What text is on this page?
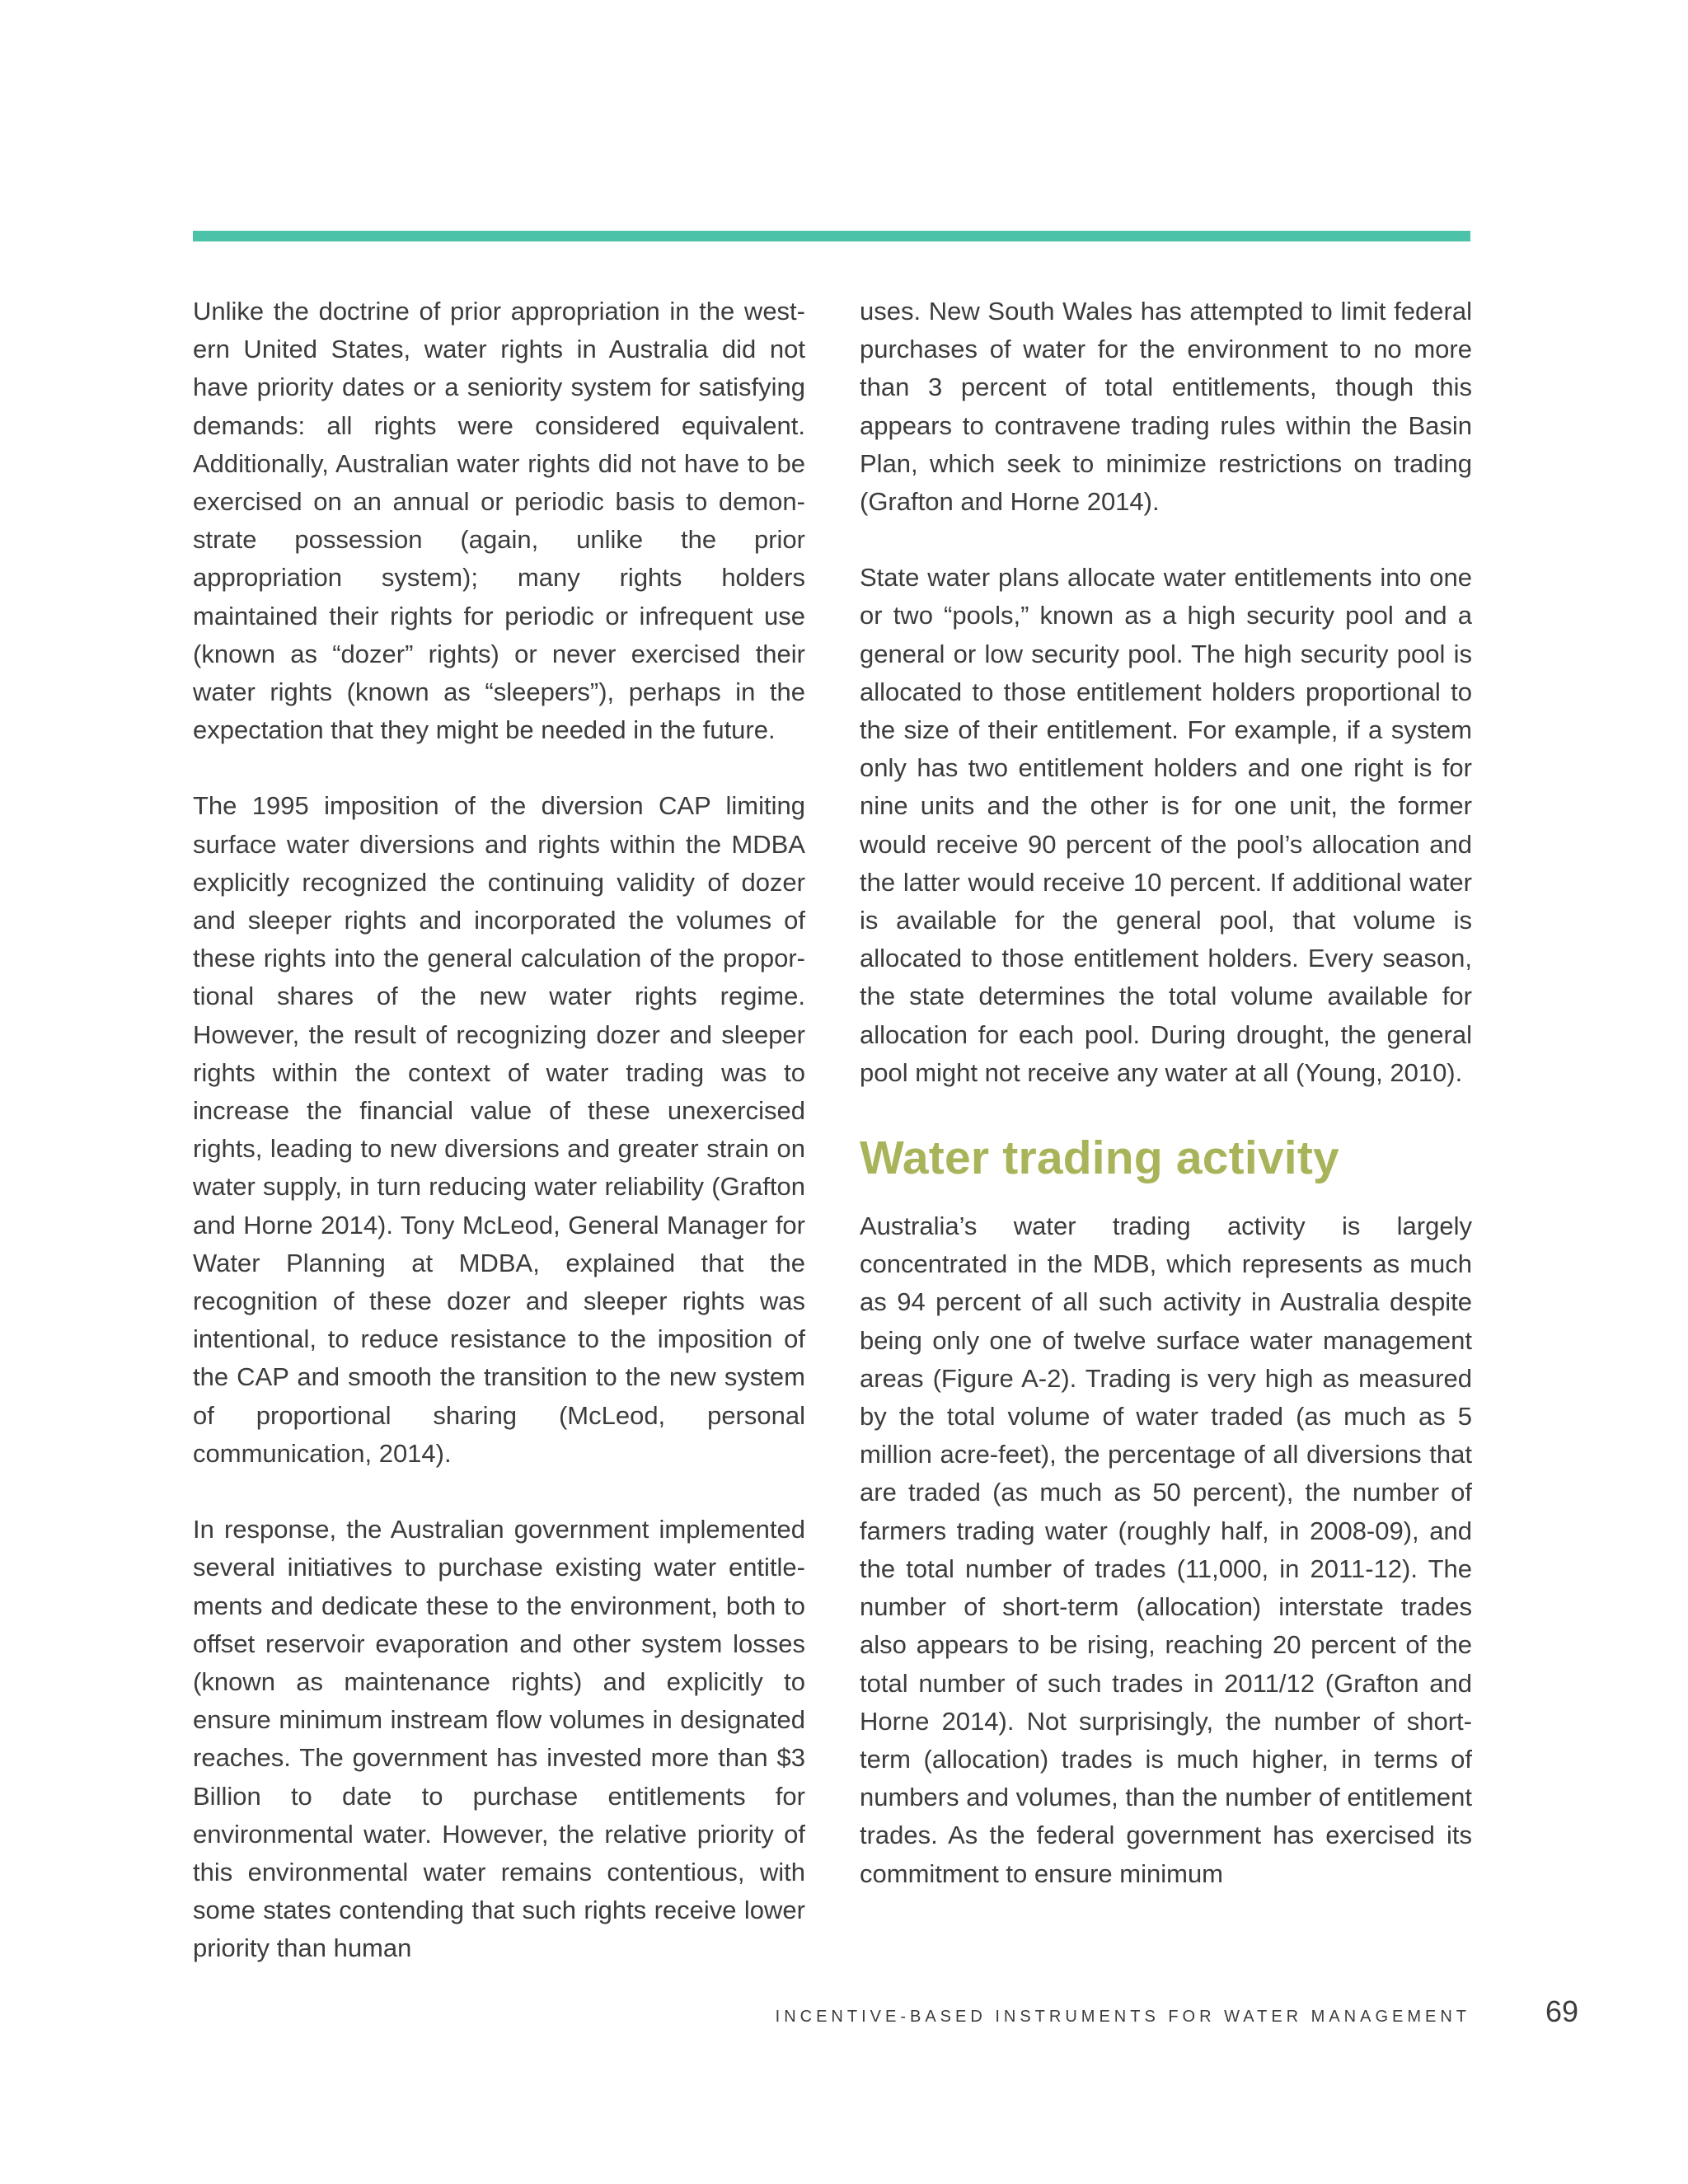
Unlike the doctrine of prior appropriation in the western United States, water rights in Australia did not have priority dates or a seniority system for satisfying demands: all rights were considered equivalent. Additionally, Australian water rights did not have to be exercised on an annual or periodic basis to demonstrate possession (again, unlike the prior appropriation system); many rights holders maintained their rights for periodic or infrequent use (known as “dozer” rights) or never exercised their water rights (known as “sleepers”), perhaps in the expectation that they might be needed in the future.

The 1995 imposition of the diversion CAP limiting surface water diversions and rights within the MDBA explicitly recognized the continuing validity of dozer and sleeper rights and incorporated the volumes of these rights into the general calculation of the proportional shares of the new water rights regime. However, the result of recognizing dozer and sleeper rights within the context of water trading was to increase the financial value of these unexercised rights, leading to new diversions and greater strain on water supply, in turn reducing water reliability (Grafton and Horne 2014). Tony McLeod, General Manager for Water Planning at MDBA, explained that the recognition of these dozer and sleeper rights was intentional, to reduce resistance to the imposition of the CAP and smooth the transition to the new system of proportional sharing (McLeod, personal communication, 2014).

In response, the Australian government implemented several initiatives to purchase existing water entitlements and dedicate these to the environment, both to offset reservoir evaporation and other system losses (known as maintenance rights) and explicitly to ensure minimum instream flow volumes in designated reaches. The government has invested more than $3 Billion to date to purchase entitlements for environmental water. However, the relative priority of this environmental water remains contentious, with some states contending that such rights receive lower priority than human

uses. New South Wales has attempted to limit federal purchases of water for the environment to no more than 3 percent of total entitlements, though this appears to contravene trading rules within the Basin Plan, which seek to minimize restrictions on trading (Grafton and Horne 2014).

State water plans allocate water entitlements into one or two “pools,” known as a high security pool and a general or low security pool. The high security pool is allocated to those entitlement holders proportional to the size of their entitlement. For example, if a system only has two entitlement holders and one right is for nine units and the other is for one unit, the former would receive 90 percent of the pool’s allocation and the latter would receive 10 percent. If additional water is available for the general pool, that volume is allocated to those entitlement holders. Every season, the state determines the total volume available for allocation for each pool. During drought, the general pool might not receive any water at all (Young, 2010).

Water trading activity

Australia’s water trading activity is largely concentrated in the MDB, which represents as much as 94 percent of all such activity in Australia despite being only one of twelve surface water management areas (Figure A-2). Trading is very high as measured by the total volume of water traded (as much as 5 million acre-feet), the percentage of all diversions that are traded (as much as 50 percent), the number of farmers trading water (roughly half, in 2008-09), and the total number of trades (11,000, in 2011-12). The number of short-term (allocation) interstate trades also appears to be rising, reaching 20 percent of the total number of such trades in 2011/12 (Grafton and Horne 2014). Not surprisingly, the number of short-term (allocation) trades is much higher, in terms of numbers and volumes, than the number of entitlement trades. As the federal government has exercised its commitment to ensure minimum

INCENTIVE-BASED INSTRUMENTS FOR WATER MANAGEMENT	69
